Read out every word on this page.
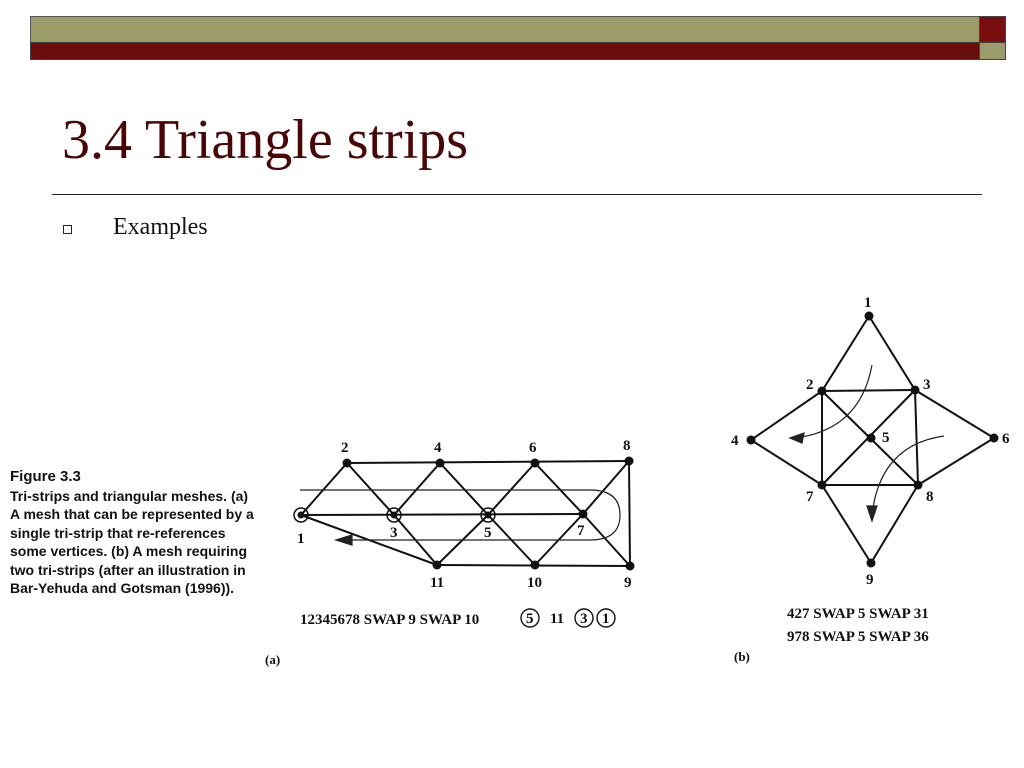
3.4 Triangle strips
Examples
Figure 3.3
Tri-strips and triangular meshes. (a) A mesh that can be represented by a single tri-strip that re-references some vertices. (b) A mesh requiring two tri-strips (after an illustration in Bar-Yehuda and Gotsman (1996)).
1
2
3
4
5
6
7
8
9
10
11
12345678 SWAP 9 SWAP 10	5 11 3 1
(a)
1
2	3
4	5	6
7	8
9
427 SWAP 5 SWAP 31
978 SWAP 5 SWAP 36
(b)
